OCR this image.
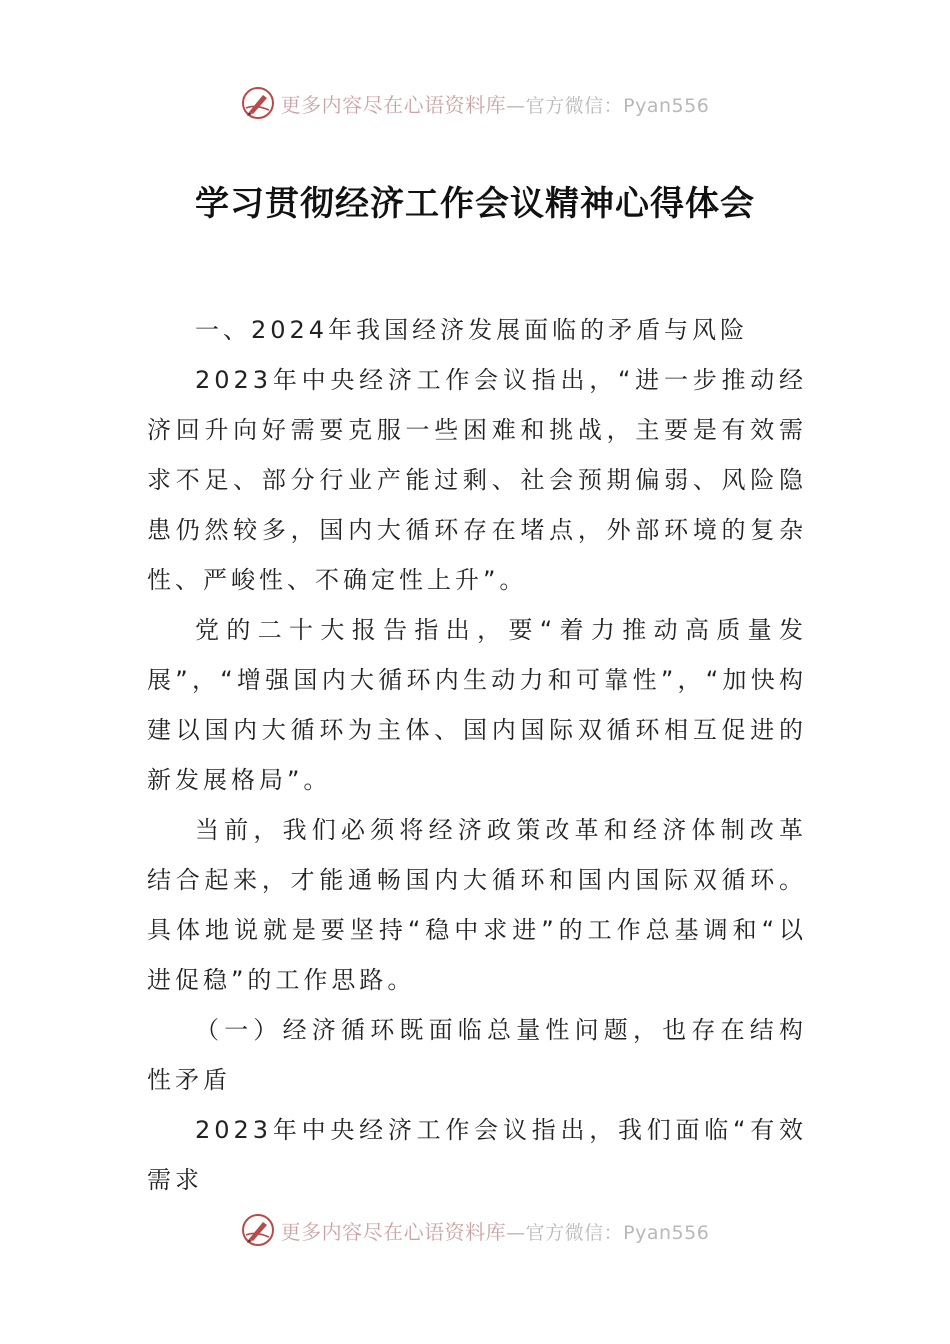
更多内容尽在心语资料库—官方微信：Pyan556
学习贯彻经济工作会议精神心得体会

一、2024年我国经济发展面临的矛盾与风险

2023年中央经济工作会议指出，“进一步推动经济回升向好需要克服一些困难和挑战，主要是有效需求不足、部分行业产能过剩、社会预期偏弱、风险隐患仍然较多，国内大循环存在堵点，外部环境的复杂性、严峻性、不确定性上升”。

党的二十大报告指出，要“着力推动高质量发展”，“增强国内大循环内生动力和可靠性”，“加快构建以国内大循环为主体、国内国际双循环相互促进的新发展格局”。

当前，我们必须将经济政策改革和经济体制改革结合起来，才能通畅国内大循环和国内国际双循环。具体地说就是要坚持“稳中求进”的工作总基调和“以进促稳”的工作思路。

（一）经济循环既面临总量性问题，也存在结构性矛盾

2023年中央经济工作会议指出，我们面临“有效需求

更多内容尽在心语资料库—官方微信：Pyan556
